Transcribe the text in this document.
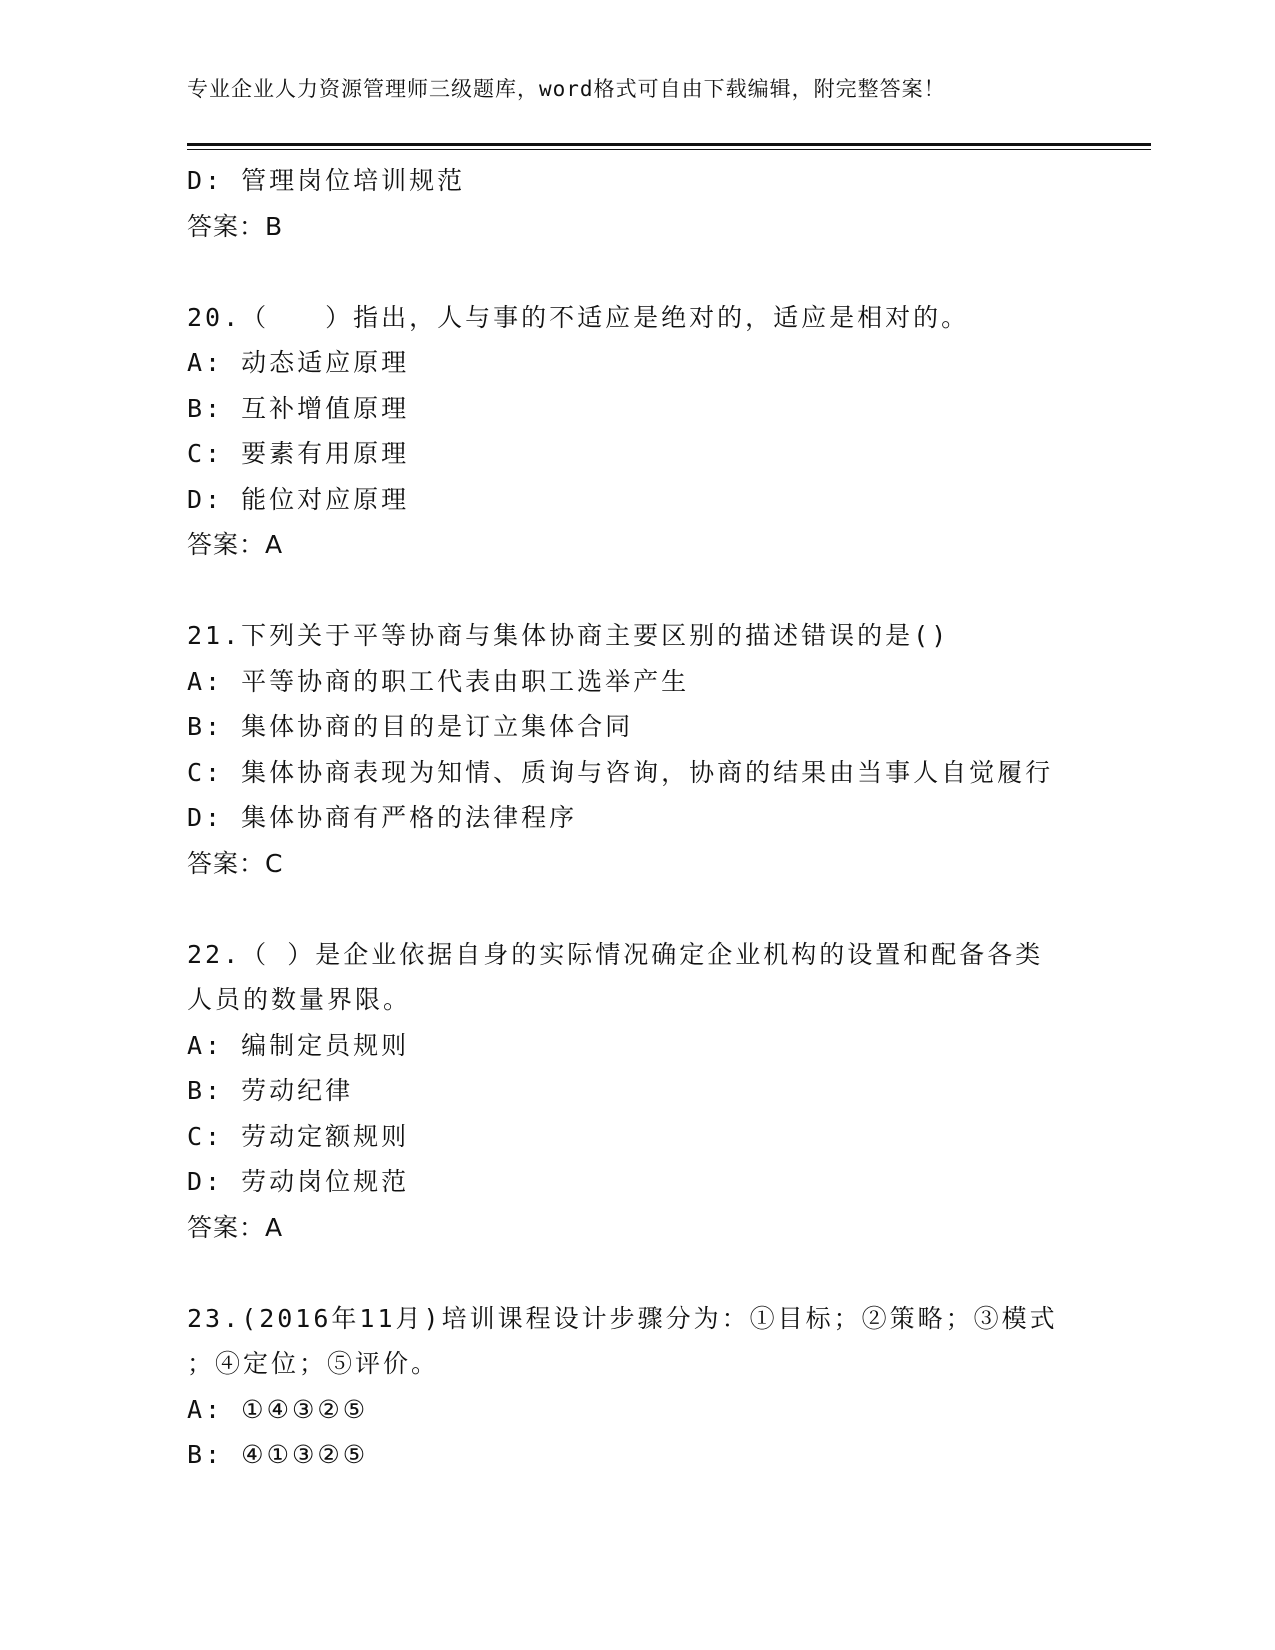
专业企业人力资源管理师三级题库，word格式可自由下载编辑，附完整答案！
D: 管理岗位培训规范
答案：B
20.（　　）指出，人与事的不适应是绝对的，适应是相对的。
A: 动态适应原理
B: 互补增值原理
C: 要素有用原理
D: 能位对应原理
答案：A
21.下列关于平等协商与集体协商主要区别的描述错误的是()
A: 平等协商的职工代表由职工选举产生
B: 集体协商的目的是订立集体合同
C: 集体协商表现为知情、质询与咨询，协商的结果由当事人自觉履行
D: 集体协商有严格的法律程序
答案：C
22.（ ）是企业依据自身的实际情况确定企业机构的设置和配备各类
人员的数量界限。
A: 编制定员规则
B: 劳动纪律
C: 劳动定额规则
D: 劳动岗位规范
答案：A
23.(2016年11月)培训课程设计步骤分为：①目标；②策略；③模式
；④定位；⑤评价。
A: ①④③②⑤
B: ④①③②⑤
